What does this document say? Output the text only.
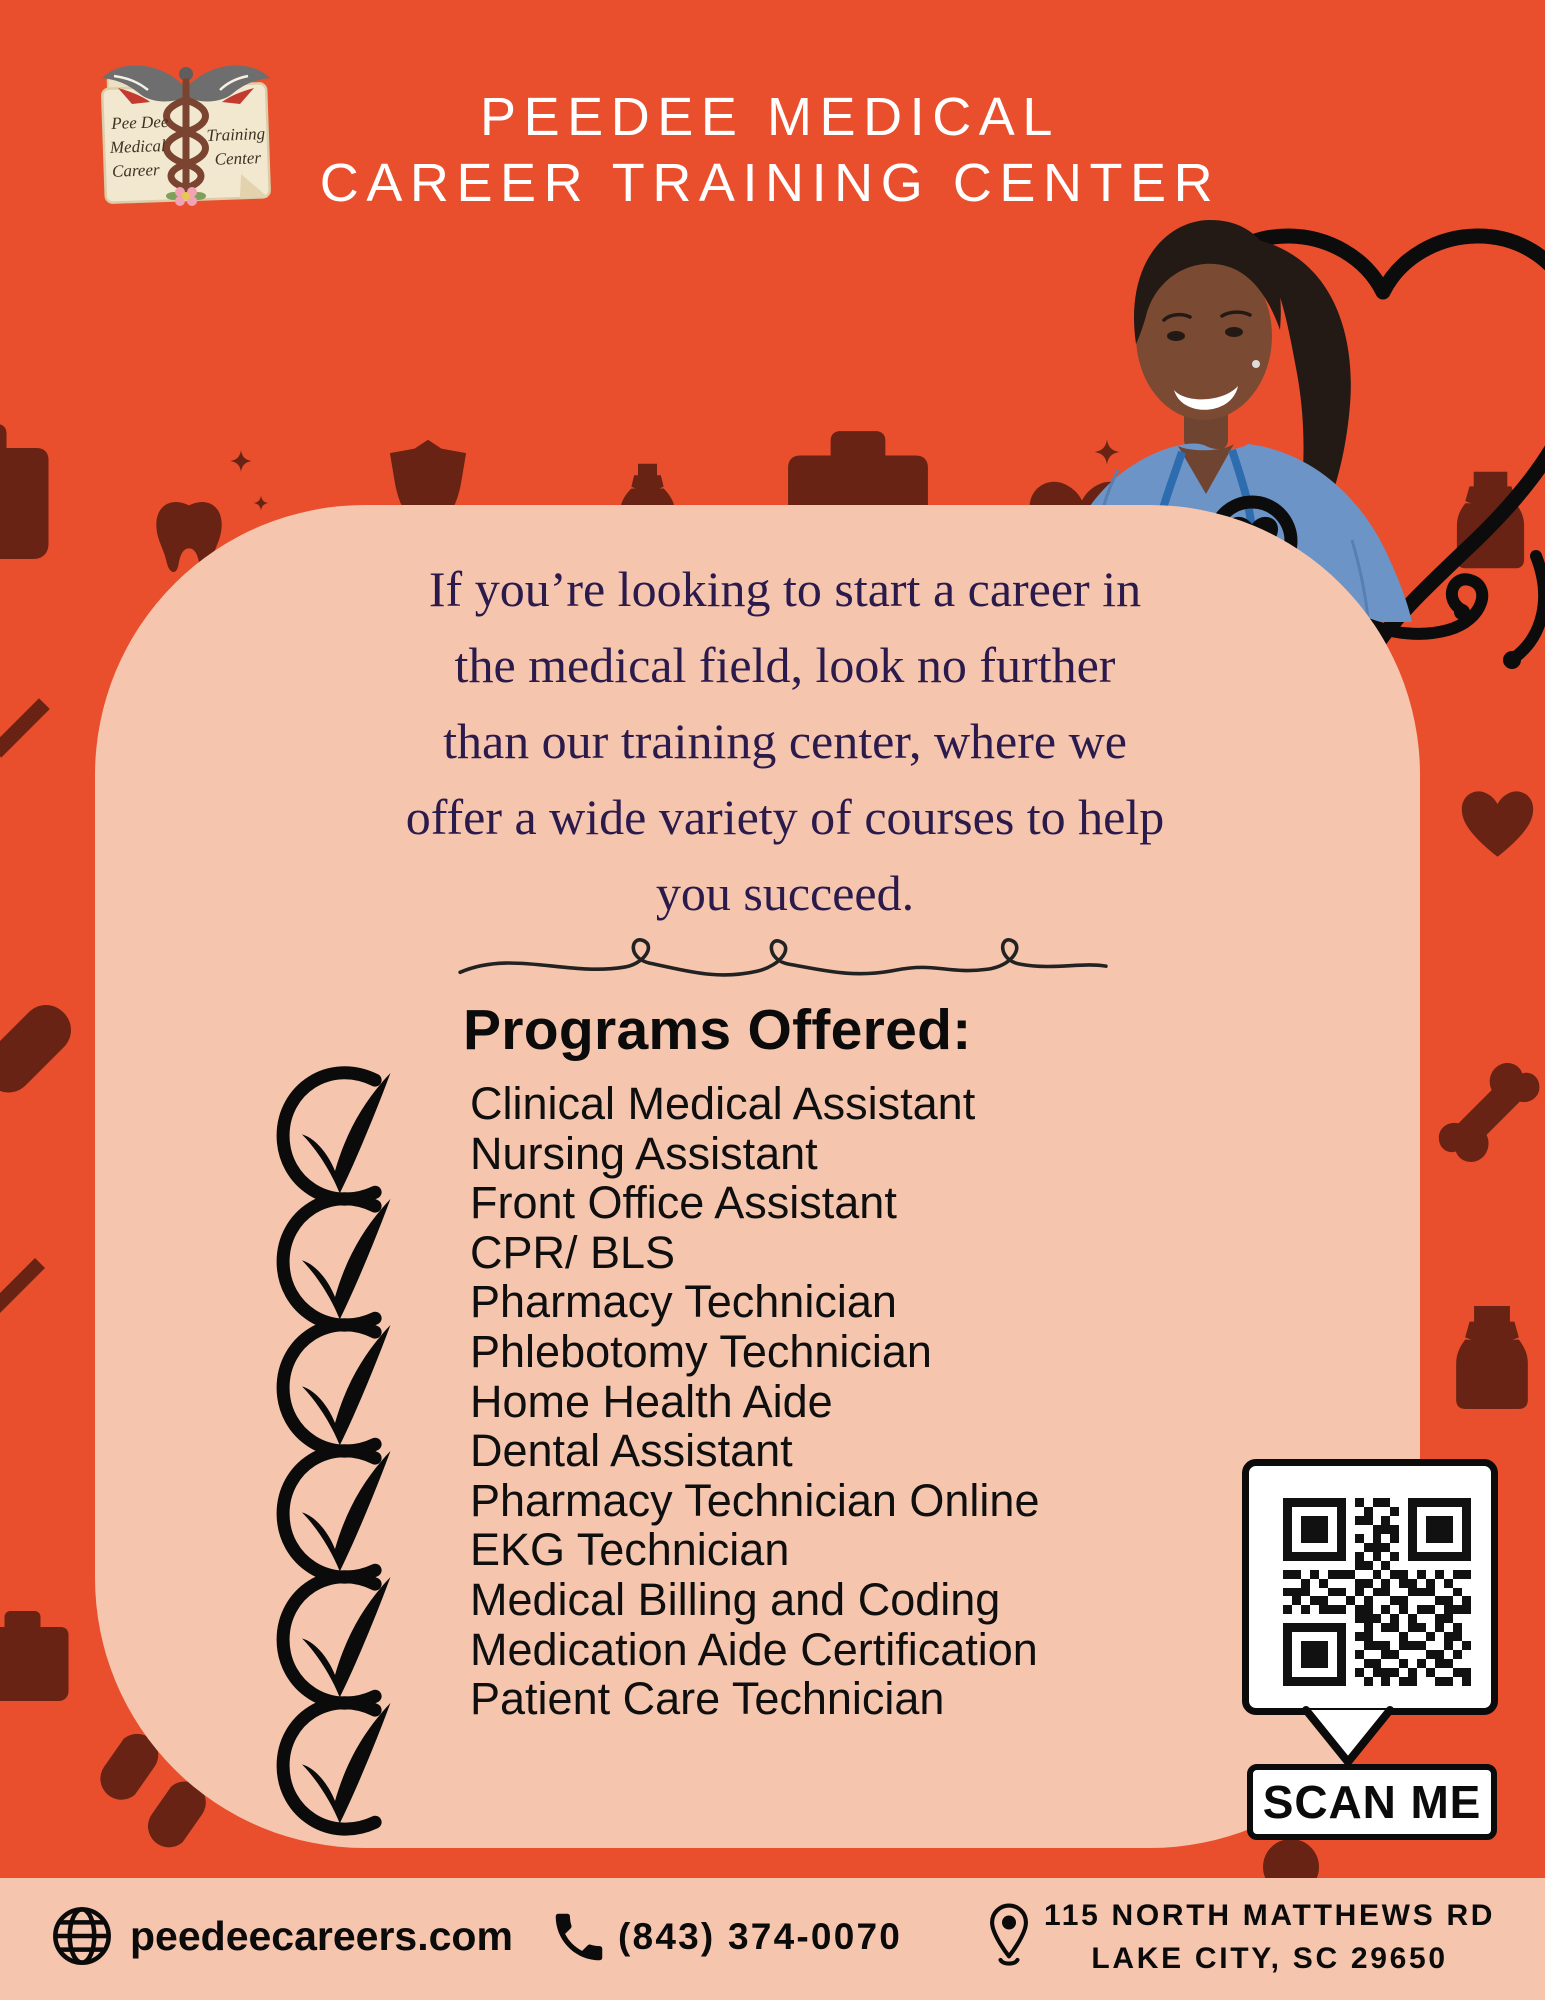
Pee Dee
Medical
Career
Training
Center
PEEDEE MEDICAL
CAREER TRAINING CENTER
If you’re looking to start a career in
the medical field, look no further
than our training center, where we
offer a wide variety of courses to help
you succeed.
Programs Offered:
Clinical Medical Assistant
Nursing Assistant
Front Office Assistant
CPR/ BLS
Pharmacy Technician
Phlebotomy Technician
Home Health Aide
Dental Assistant
Pharmacy Technician Online
EKG Technician
Medical Billing and Coding
Medication Aide Certification
Patient Care Technician
SCAN ME
peedeecareers.com	(843) 374-0070
115 NORTH MATTHEWS RD
LAKE CITY, SC 29650
